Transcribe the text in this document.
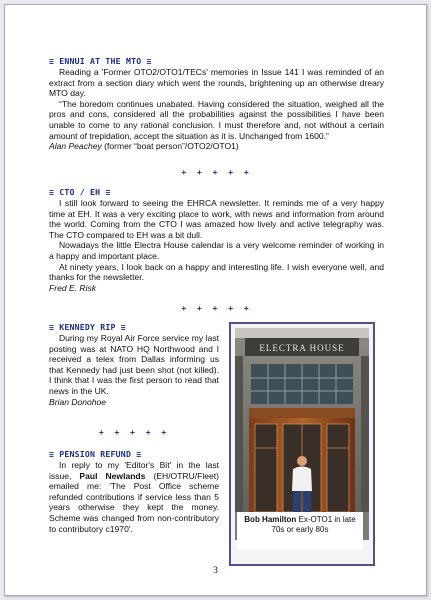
≡ ENNUI AT THE MTO ≡

Reading a 'Former OTO2/OTO1/TECs' memories in Issue 141 I was reminded of an extract from a section diary which went the rounds, brightening up an otherwise dreary MTO day.

“The boredom continues unabated. Having considered the situation, weighed all the pros and cons, considered all the probabilities against the possibilities I have been unable to come to any rational conclusion. I must therefore and, not without a certain amount of trepidation, accept the situation as it is. Unchanged from 1600.”

Alan Peachey (former “boat person”/OTO2/OTO1)
+ + + + +
≡ CTO / EH ≡

I still look forward to seeing the EHRCA newsletter. It reminds me of a very happy time at EH. It was a very exciting place to work, with news and information from around the world. Coming from the CTO I was amazed how lively and active telegraphy was. The CTO compared to EH was a bit dull.

Nowadays the little Electra House calendar is a very welcome reminder of working in a happy and important place.

At ninety years, I look back on a happy and interesting life. I wish everyone well, and thanks for the newsletter.

Fred E. Risk
+ + + + +
≡ KENNEDY RIP ≡

During my Royal Air Force service my last posting was at NATO HQ Northwood and I received a telex from Dallas informing us that Kennedy had just been shot (not killed). I think that I was the first person to read that news in the UK.

Brian Donohoe
+ + + + +
≡ PENSION REFUND ≡

In reply to my 'Editor's Bit' in the last issue, Paul Newlands (EH/OTRU/Fleet) emailed me: 'The Post Office scheme refunded contributions if service less than 5 years otherwise they kept the money. Scheme was changed from non-contributory to contributory c1970'.

ELECTRA HOUSE
Bob Hamilton Ex-OTO1 in late 70s or early 80s
3
